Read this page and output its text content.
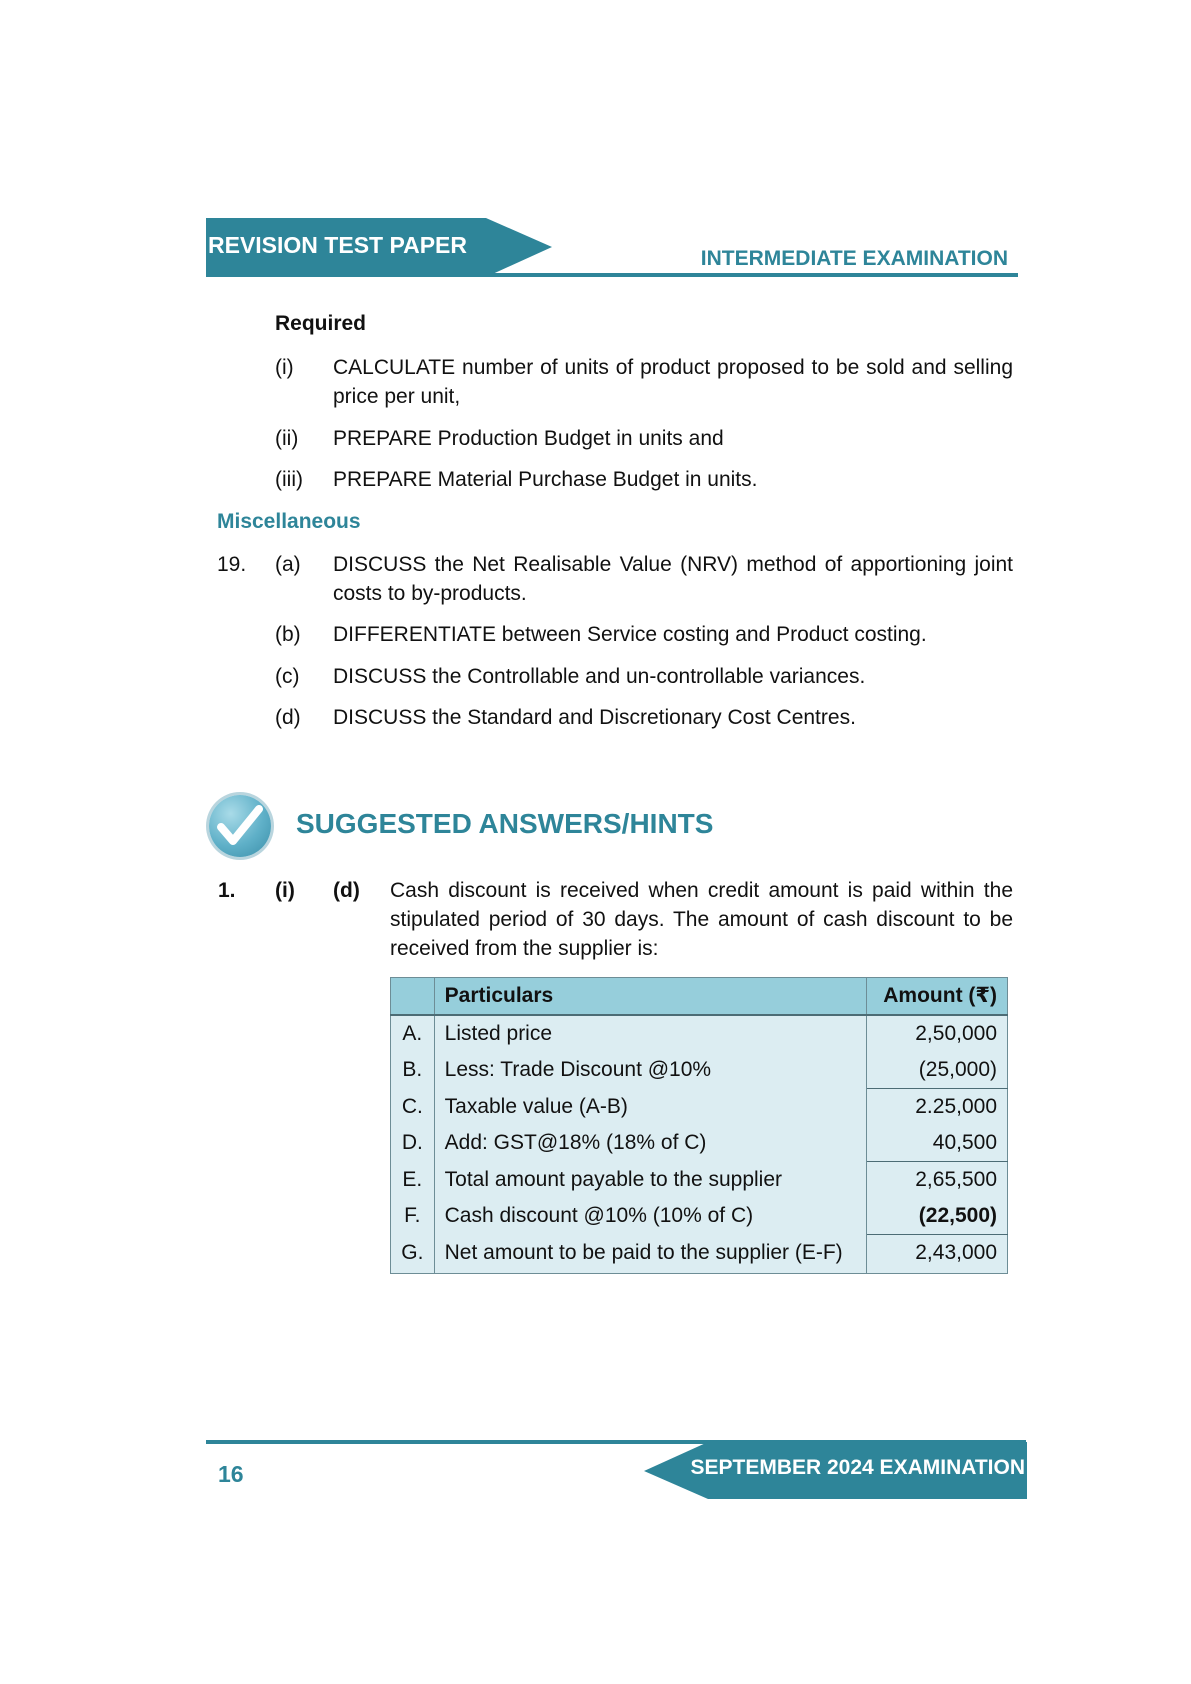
REVISION TEST PAPER
INTERMEDIATE EXAMINATION
Required
(i) CALCULATE number of units of product proposed to be sold and selling price per unit,
(ii) PREPARE Production Budget in units and
(iii) PREPARE Material Purchase Budget in units.
Miscellaneous
19. (a) DISCUSS the Net Realisable Value (NRV) method of apportioning joint costs to by-products.
(b) DIFFERENTIATE between Service costing and Product costing.
(c) DISCUSS the Controllable and un-controllable variances.
(d) DISCUSS the Standard and Discretionary Cost Centres.
SUGGESTED ANSWERS/HINTS
1. (i) (d) Cash discount is received when credit amount is paid within the stipulated period of 30 days. The amount of cash discount to be received from the supplier is:
	Particulars	Amount (₹)
A.	Listed price	2,50,000
B.	Less: Trade Discount @10%	(25,000)
C.	Taxable value (A-B)	2.25,000
D.	Add: GST@18% (18% of C)	40,500
E.	Total amount payable to the supplier	2,65,500
F.	Cash discount @10% (10% of C)	(22,500)
G.	Net amount to be paid to the supplier (E-F)	2,43,000
SEPTEMBER 2024 EXAMINATION
16
